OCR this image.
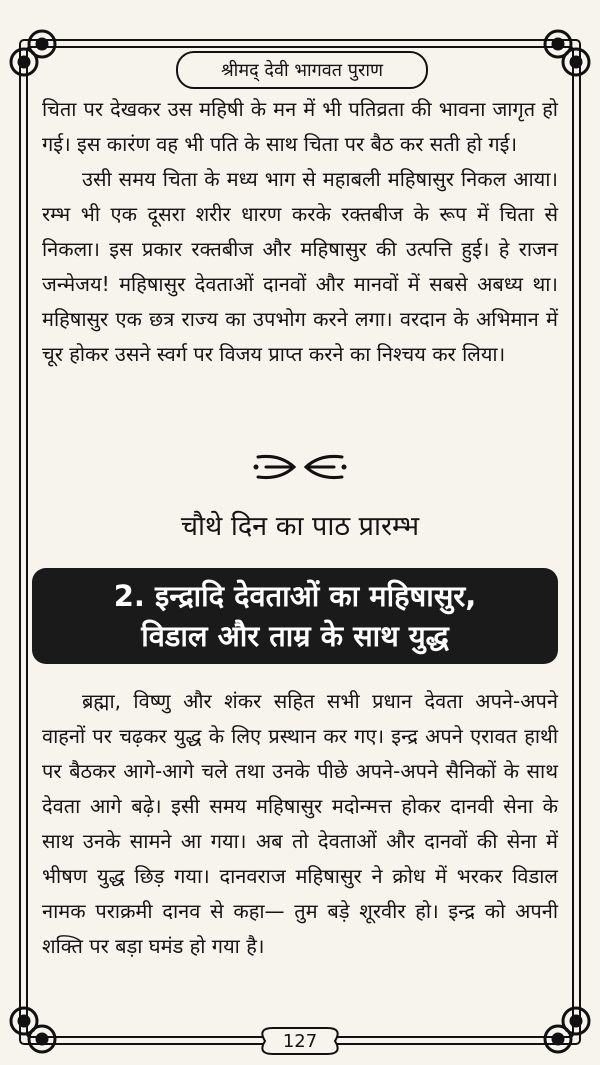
श्रीमद् देवी भागवत पुराण

चिता पर देखकर उस महिषी के मन में भी पतिव्रता की भावना जागृत हो गई। इस कारंण वह भी पति के साथ चिता पर बैठ कर सती हो गई।

उसी समय चिता के मध्य भाग से महाबली महिषासुर निकल आया। रम्भ भी एक दूसरा शरीर धारण करके रक्तबीज के रूप में चिता से निकला। इस प्रकार रक्तबीज और महिषासुर की उत्पत्ति हुई। हे राजन जन्मेजय! महिषासुर देवताओं दानवों और मानवों में सबसे अबध्य था। महिषासुर एक छत्र राज्य का उपभोग करने लगा। वरदान के अभिमान में चूर होकर उसने स्वर्ग पर विजय प्राप्त करने का निश्चय कर लिया।

चौथे दिन का पाठ प्रारम्भ
2. इन्द्रादि देवताओं का महिषासुर,
विडाल और ताम्र के साथ युद्ध

ब्रह्मा, विष्णु और शंकर सहित सभी प्रधान देवता अपने-अपने वाहनों पर चढ़कर युद्ध के लिए प्रस्थान कर गए। इन्द्र अपने एरावत हाथी पर बैठकर आगे-आगे चले तथा उनके पीछे अपने-अपने सैनिकों के साथ देवता आगे बढ़े। इसी समय महिषासुर मदोन्मत्त होकर दानवी सेना के साथ उनके सामने आ गया। अब तो देवताओं और दानवों की सेना में भीषण युद्ध छिड़ गया। दानवराज महिषासुर ने क्रोध में भरकर विडाल नामक पराक्रमी दानव से कहा— तुम बड़े शूरवीर हो। इन्द्र को अपनी शक्ति पर बड़ा घमंड हो गया है।

127
